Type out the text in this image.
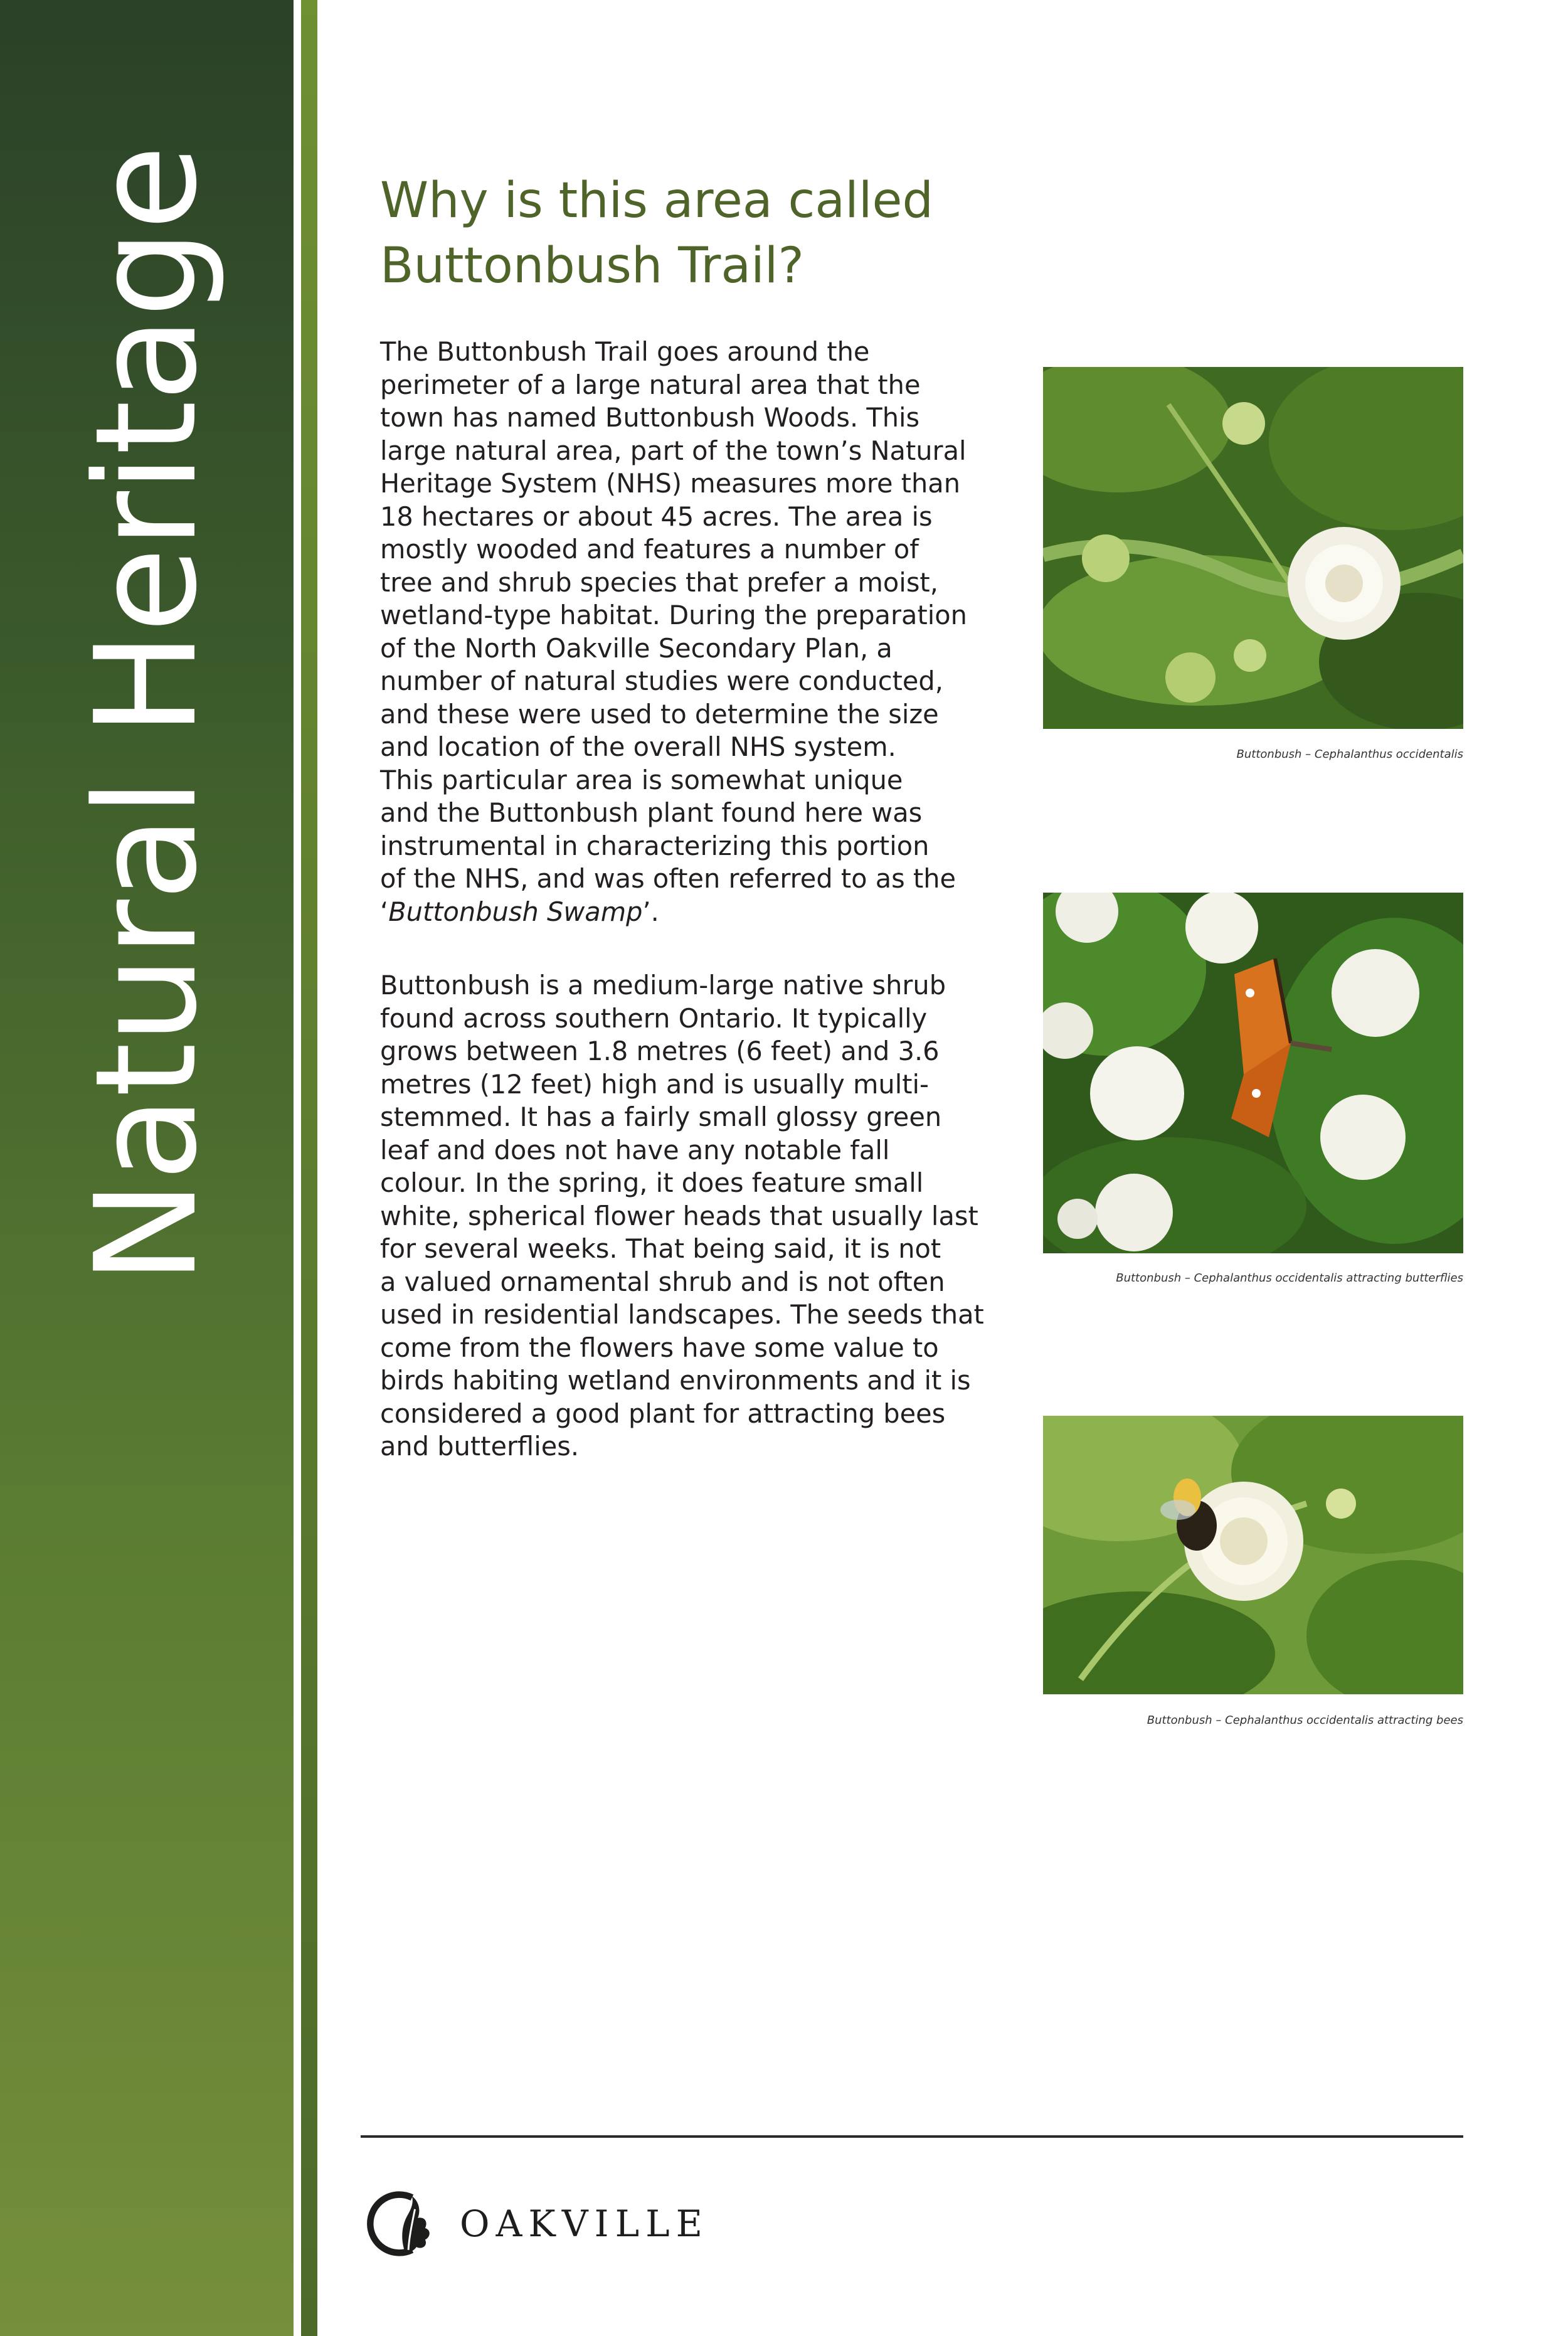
Natural Heritage	Why is this area called
Buttonbush Trail?

The Buttonbush Trail goes around the
perimeter of a large natural area that the
town has named Buttonbush Woods. This
large natural area, part of the town’s Natural
Heritage System (NHS) measures more than
18 hectares or about 45 acres. The area is
mostly wooded and features a number of
tree and shrub species that prefer a moist,
wetland-type habitat. During the preparation
of the North Oakville Secondary Plan, a
number of natural studies were conducted,
and these were used to determine the size
and location of the overall NHS system.
This particular area is somewhat unique
and the Buttonbush plant found here was
instrumental in characterizing this portion
of the NHS, and was often referred to as the
‘Buttonbush Swamp’.

Buttonbush is a medium-large native shrub
found across southern Ontario. It typically
grows between 1.8 metres (6 feet) and 3.6
metres (12 feet) high and is usually multi-
stemmed. It has a fairly small glossy green
leaf and does not have any notable fall
colour. In the spring, it does feature small
white, spherical flower heads that usually last
for several weeks. That being said, it is not
a valued ornamental shrub and is not often
used in residential landscapes. The seeds that
come from the flowers have some value to
birds habiting wetland environments and it is
considered a good plant for attracting bees
and butterflies.

Buttonbush – Cephalanthus occidentalis
Buttonbush – Cephalanthus occidentalis attracting butterflies
Buttonbush – Cephalanthus occidentalis attracting bees
OAKVILLE
